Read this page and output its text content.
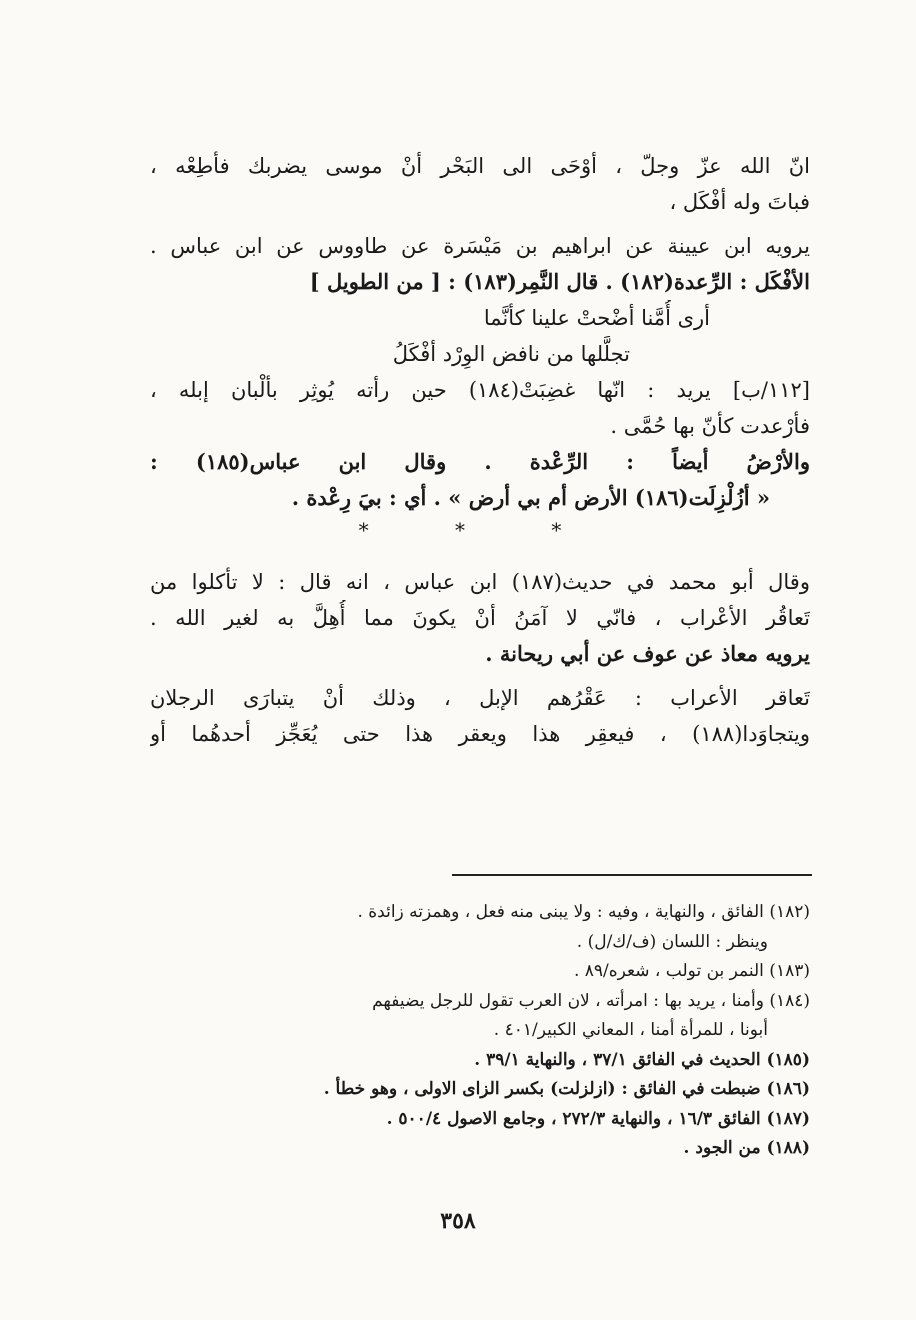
انّ الله عزّ وجلّ ، أوْحَى الى البَحْر أنْ موسى يضربك فأطِعْه ،
فباتَ وله أفْكَل ،
يرويه ابن عيينة عن ابراهيم بن مَيْسَرة عن طاووس عن ابن عباس .
الأفْكَل : الرِّعدة(١٨٢) . قال النَّمِر(١٨٣) : [ من الطويل ]
أرى أُمَّنا أضْحتْ علينا كأنَّما
تجلَّلها من نافض الوِرْد أفْكَلُ
[١١٢/ب] يريد : انّها غضِبَتْ(١٨٤) حين رأته يُوثِر بألْبان إبله ،
فأرْعدت كأنّ بها حُمَّى .
والأرْضُ أيضاً : الرِّعْدة . وقال ابن عباس(١٨٥) :
« أزُلْزِلَت(١٨٦) الأرض أم بي أرض » . أي : بيَ رِعْدة .
* * *
وقال أبو محمد في حديث(١٨٧) ابن عباس ، انه قال : لا تأكلوا من
تَعاقُر الأعْراب ، فانّي لا آمَنُ أنْ يكونَ مما أُهِلَّ به لغير الله .
يرويه معاذ عن عوف عن أبي ريحانة .
تَعاقر الأعراب : عَقْرُهم الإبل ، وذلك أنْ يتبارَى الرجلان
ويتجاوَدا(١٨٨) ، فيعقِر هذا ويعقر هذا حتى يُعَجِّز أحدهُما أو
(١٨٢) الفائق ، والنهاية ، وفيه : ولا يبنى منه فعل ، وهمزته زائدة .
وينظر : اللسان (ف/ك/ل) .
(١٨٣) النمر بن تولب ، شعره/٨٩ .
(١٨٤) وأمنا ، يريد بها : امرأته ، لان العرب تقول للرجل يضيفهم
أبونا ، للمرأة أمنا ، المعاني الكبير/٤٠١ .
(١٨٥) الحديث في الفائق ٣٧/١ ، والنهاية ٣٩/١ .
(١٨٦) ضبطت في الفائق : (ازلزلت) بكسر الزاى الاولى ، وهو خطأ .
(١٨٧) الفائق ١٦/٣ ، والنهاية ٢٧٢/٣ ، وجامع الاصول ٥٠٠/٤ .
(١٨٨) من الجود .
٣٥٨
